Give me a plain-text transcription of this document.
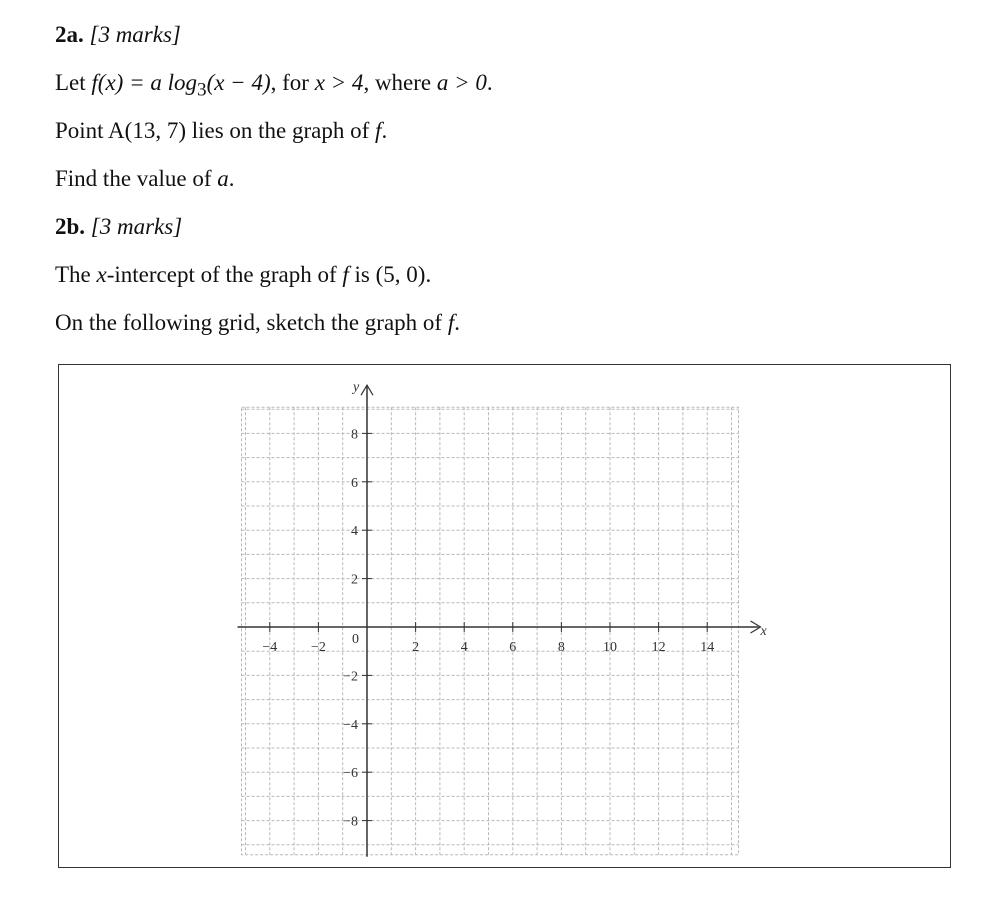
2a. [3 marks]
Let f(x) = a $\log_3(x - 4)$, for x > 4, where a > 0.
Point A(13, 7) lies on the graph of f.
Find the value of a.
2b. [3 marks]
The x-intercept of the graph of f is (5, 0).
On the following grid, sketch the graph of f.
x
y
−4 −2	2	4	6	8	10 12 14
8
6
4
2
−2
−4
−6
−8
0
